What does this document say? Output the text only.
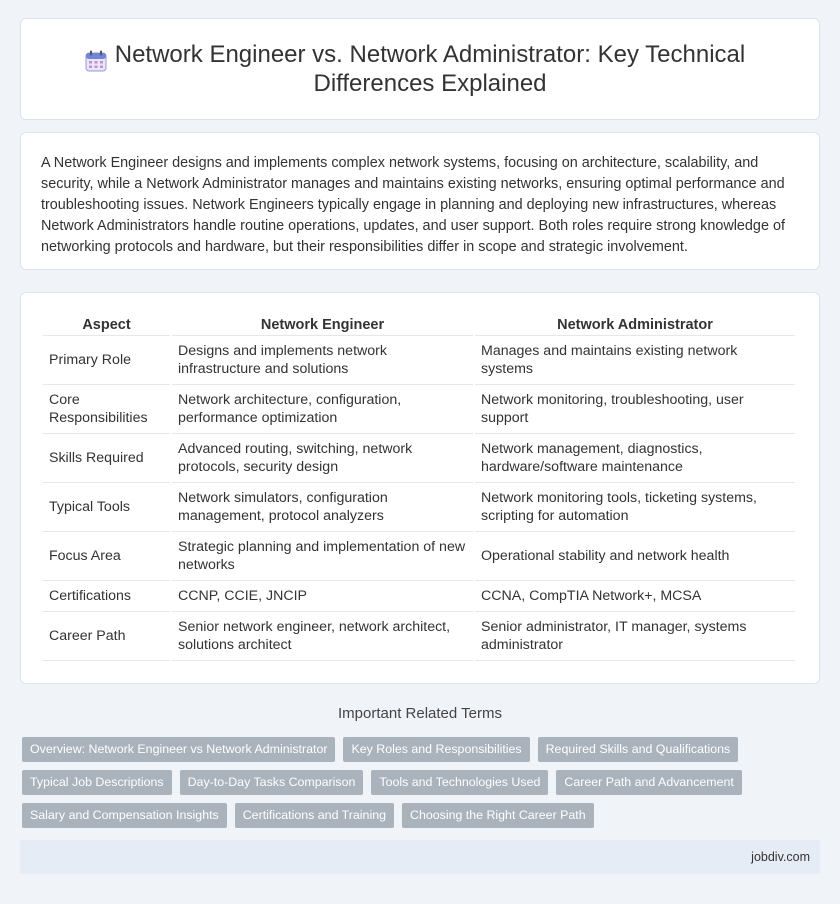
Network Engineer vs. Network Administrator: Key Technical Differences Explained

A Network Engineer designs and implements complex network systems, focusing on architecture, scalability, and security, while a Network Administrator manages and maintains existing networks, ensuring optimal performance and troubleshooting issues. Network Engineers typically engage in planning and deploying new infrastructures, whereas Network Administrators handle routine operations, updates, and user support. Both roles require strong knowledge of networking protocols and hardware, but their responsibilities differ in scope and strategic involvement.

Aspect	Network Engineer	Network Administrator
Primary Role	Designs and implements network infrastructure and solutions	Manages and maintains existing network systems
Core Responsibilities	Network architecture, configuration, performance optimization	Network monitoring, troubleshooting, user support
Skills Required	Advanced routing, switching, network protocols, security design	Network management, diagnostics, hardware/software maintenance
Typical Tools	Network simulators, configuration management, protocol analyzers	Network monitoring tools, ticketing systems, scripting for automation
Focus Area	Strategic planning and implementation of new networks	Operational stability and network health
Certifications	CCNP, CCIE, JNCIP	CCNA, CompTIA Network+, MCSA
Career Path	Senior network engineer, network architect, solutions architect	Senior administrator, IT manager, systems administrator
Important Related Terms
Overview: Network Engineer vs Network Administrator	Key Roles and Responsibilities	Required Skills and Qualifications
Typical Job Descriptions	Day-to-Day Tasks Comparison	Tools and Technologies Used	Career Path and Advancement
Salary and Compensation Insights	Certifications and Training	Choosing the Right Career Path
jobdiv.com
